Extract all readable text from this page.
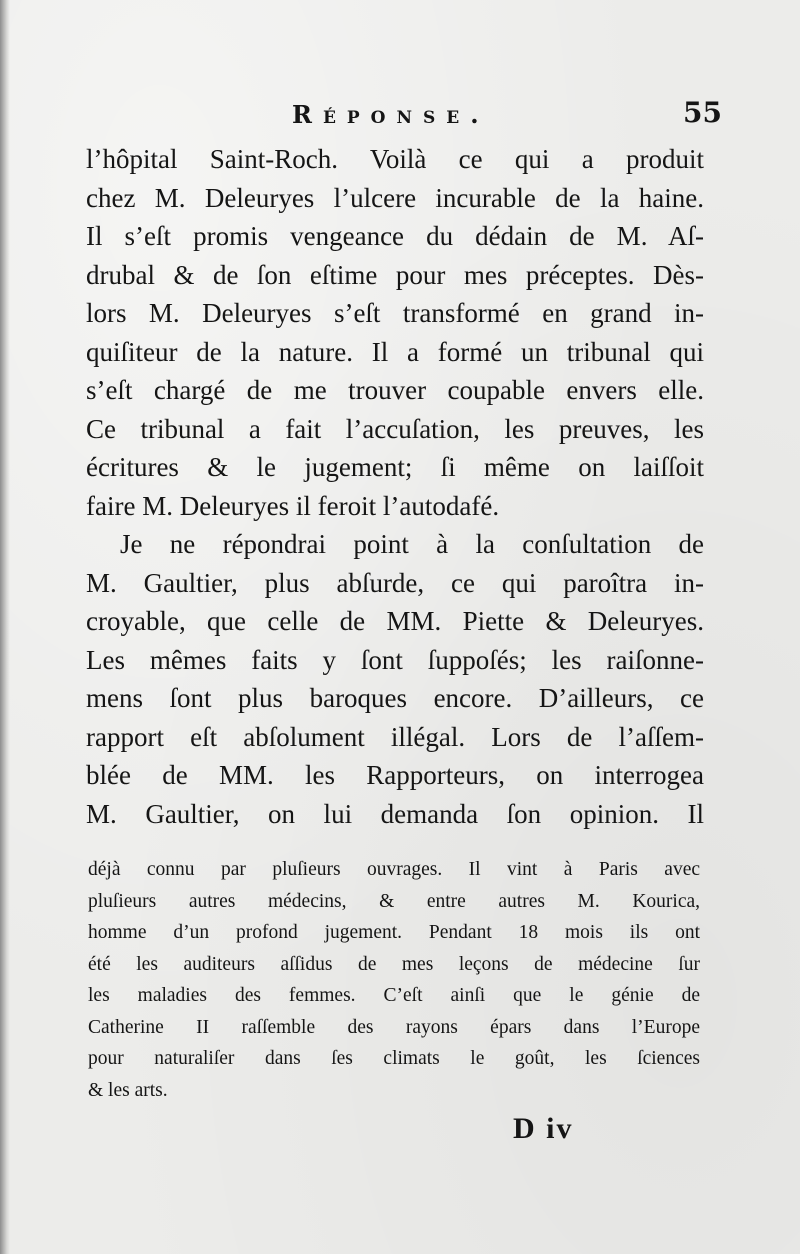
Réponse.	55
l’hôpital Saint-Roch. Voilà ce qui a produit
chez M. Deleuryes l’ulcere incurable de la haine.
Il s’eſt promis vengeance du dédain de M. Aſ-
drubal & de ſon eſtime pour mes préceptes. Dès-
lors M. Deleuryes s’eſt transformé en grand in-
quiſiteur de la nature. Il a formé un tribunal qui
s’eſt chargé de me trouver coupable envers elle.
Ce tribunal a fait l’accuſation, les preuves, les
écritures & le jugement; ſi même on laiſſoit
faire M. Deleuryes il feroit l’autodafé.
Je ne répondrai point à la conſultation de
M. Gaultier, plus abſurde, ce qui paroîtra in-
croyable, que celle de MM. Piette & Deleuryes.
Les mêmes faits y ſont ſuppoſés; les raiſonne-
mens ſont plus baroques encore. D’ailleurs, ce
rapport eſt abſolument illégal. Lors de l’aſſem-
blée de MM. les Rapporteurs, on interrogea
M. Gaultier, on lui demanda ſon opinion. Il
déjà connu par pluſieurs ouvrages. Il vint à Paris avec
pluſieurs autres médecins, & entre autres M. Kourica,
homme d’un profond jugement. Pendant 18 mois ils ont
été les auditeurs aſſidus de mes leçons de médecine ſur
les maladies des femmes. C’eſt ainſi que le génie de
Catherine II raſſemble des rayons épars dans l’Europe
pour naturaliſer dans ſes climats le goût, les ſciences
& les arts.
D iv
